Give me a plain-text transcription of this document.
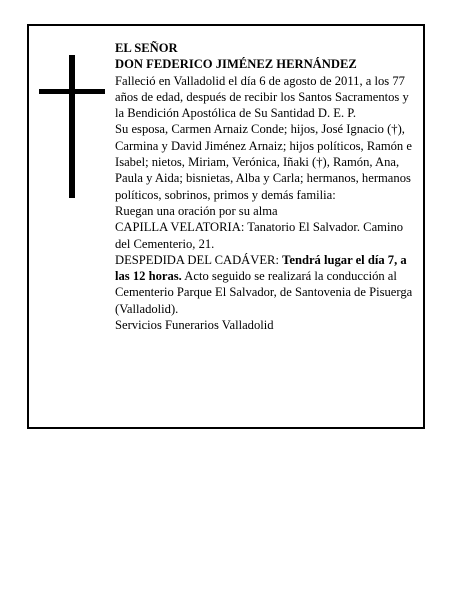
EL SEÑOR

DON FEDERICO JIMÉNEZ HERNÁNDEZ

Falleció en Valladolid el día 6 de agosto de 2011, a los 77 años de edad, después de recibir los Santos Sacramentos y la Bendición Apostólica de Su Santidad D. E. P.

Su esposa, Carmen Arnaiz Conde; hijos, José Ignacio (†), Carmina y David Jiménez Arnaiz; hijos políticos, Ramón e Isabel; nietos, Miriam, Verónica, Iñaki (†), Ramón, Ana, Paula y Aida; bisnietas, Alba y Carla; hermanos, hermanos políticos, sobrinos, primos y demás familia:

Ruegan una oración por su alma

CAPILLA VELATORIA: Tanatorio El Salvador. Camino del Cementerio, 21.

DESPEDIDA DEL CADÁVER: Tendrá lugar el día 7, a las 12 horas. Acto seguido se realizará la conducción al Cementerio Parque El Salvador, de Santovenia de Pisuerga (Valladolid).

Servicios Funerarios Valladolid
